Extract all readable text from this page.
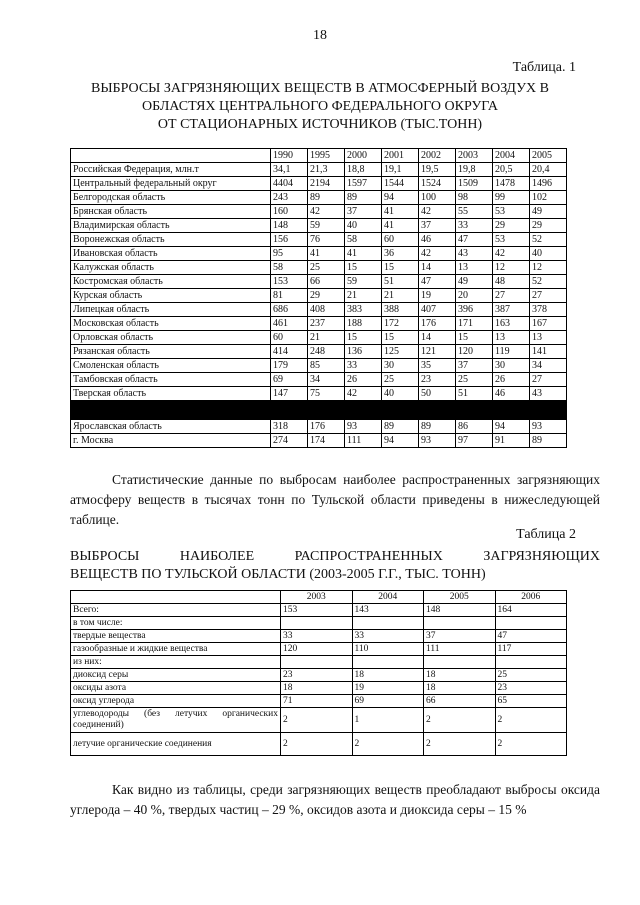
18
Таблица. 1
ВЫБРОСЫ ЗАГРЯЗНЯЮЩИХ ВЕЩЕСТВ В АТМОСФЕРНЫЙ ВОЗДУХ В
ОБЛАСТЯХ ЦЕНТРАЛЬНОГО ФЕДЕРАЛЬНОГО ОКРУГА
ОТ СТАЦИОНАРНЫХ ИСТОЧНИКОВ (ТЫС.ТОНН)
	1990	1995	2000	2001	2002	2003	2004	2005
Российская Федерация, млн.т	34,1	21,3	18,8	19,1	19,5	19,8	20,5	20,4
Центральный федеральный округ	4404	2194	1597	1544	1524	1509	1478	1496
Белгородская область	243	89	89	94	100	98	99	102
Брянская область	160	42	37	41	42	55	53	49
Владимирская область	148	59	40	41	37	33	29	29
Воронежская область	156	76	58	60	46	47	53	52
Ивановская область	95	41	41	36	42	43	42	40
Калужская область	58	25	15	15	14	13	12	12
Костромская область	153	66	59	51	47	49	48	52
Курская область	81	29	21	21	19	20	27	27
Липецкая область	686	408	383	388	407	396	387	378
Московская область	461	237	188	172	176	171	163	167
Орловская область	60	21	15	15	14	15	13	13
Рязанская область	414	248	136	125	121	120	119	141
Смоленская область	179	85	33	30	35	37	30	34
Тамбовская область	69	34	26	25	23	25	26	27
Тверская область	147	75	42	40	50	51	46	43

Ярославская область	318	176	93	89	89	86	94	93
г. Москва	274	174	111	94	93	97	91	89
Статистические данные по выбросам наиболее распространенных загрязняющих атмосферу веществ в тысячах тонн по Тульской области приведены в нижеследующей таблице.
Таблица 2
ВЫБРОСЫ НАИБОЛЕЕ РАСПРОСТРАНЕННЫХ ЗАГРЯЗНЯЮЩИХ
ВЕЩЕСТВ ПО ТУЛЬСКОЙ ОБЛАСТИ (2003-2005 Г.Г., ТЫС. ТОНН)
	2003	2004	2005	2006
Всего:	153	143	148	164
в том числе:				
твердые вещества	33	33	37	47
газообразные и жидкие вещества	120	110	111	117
из них:				
диоксид серы	23	18	18	25
оксиды азота	18	19	18	23
оксид углерода	71	69	66	65
углеводороды (без летучих органических соединений)	2	1	2	2
летучие органические соединения	2	2	2	2
Как видно из таблицы, среди загрязняющих веществ преобладают выбросы оксида углерода – 40 %, твердых частиц – 29 %, оксидов азота и диоксида серы – 15 %
